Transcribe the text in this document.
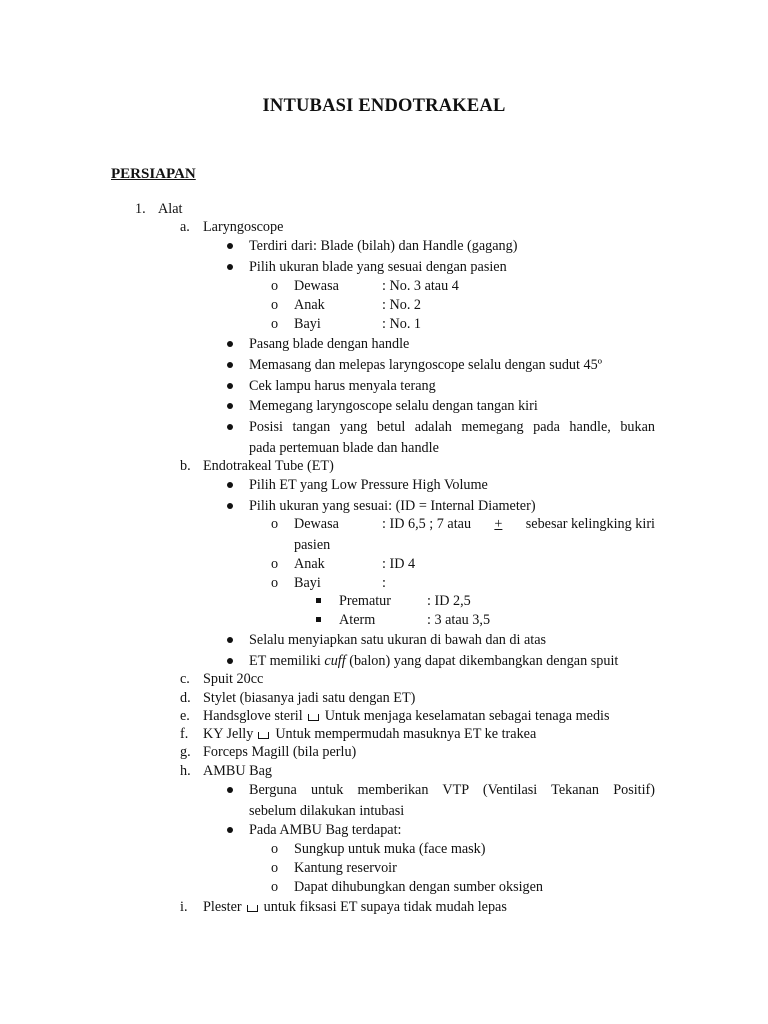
INTUBASI ENDOTRAKEAL
PERSIAPAN
1. Alat
a. Laryngoscope
Terdiri dari: Blade (bilah) dan Handle (gagang)
Pilih ukuran blade yang sesuai dengan pasien
o Dewasa	: No. 3 atau 4
o Anak	: No. 2
o Bayi	: No. 1
Pasang blade dengan handle
Memasang dan melepas laryngoscope selalu dengan sudut 45º
Cek lampu harus menyala terang
Memegang laryngoscope selalu dengan tangan kiri
Posisi tangan yang betul adalah memegang pada handle, bukan
pada pertemuan blade dan handle
b. Endotrakeal Tube (ET)
Pilih ET yang Low Pressure High Volume
Pilih ukuran yang sesuai: (ID = Internal Diameter)
o Dewasa	: ID 6,5 ; 7 atau + sebesar kelingking kiri
pasien
o Anak	: ID 4
o Bayi	:
Prematur	: ID 2,5
Aterm	: 3 atau 3,5
Selalu menyiapkan satu ukuran di bawah dan di atas
ET memiliki cuff (balon) yang dapat dikembangkan dengan spuit
c. Spuit 20cc
d. Stylet (biasanya jadi satu dengan ET)
e. Handsglove steril Untuk menjaga keselamatan sebagai tenaga medis
f. KY Jelly Untuk mempermudah masuknya ET ke trakea
g. Forceps Magill (bila perlu)
h. AMBU Bag
Berguna untuk memberikan VTP (Ventilasi Tekanan Positif)
sebelum dilakukan intubasi
Pada AMBU Bag terdapat:
o Sungkup untuk muka (face mask)
o Kantung reservoir
o Dapat dihubungkan dengan sumber oksigen
i. Plester untuk fiksasi ET supaya tidak mudah lepas
